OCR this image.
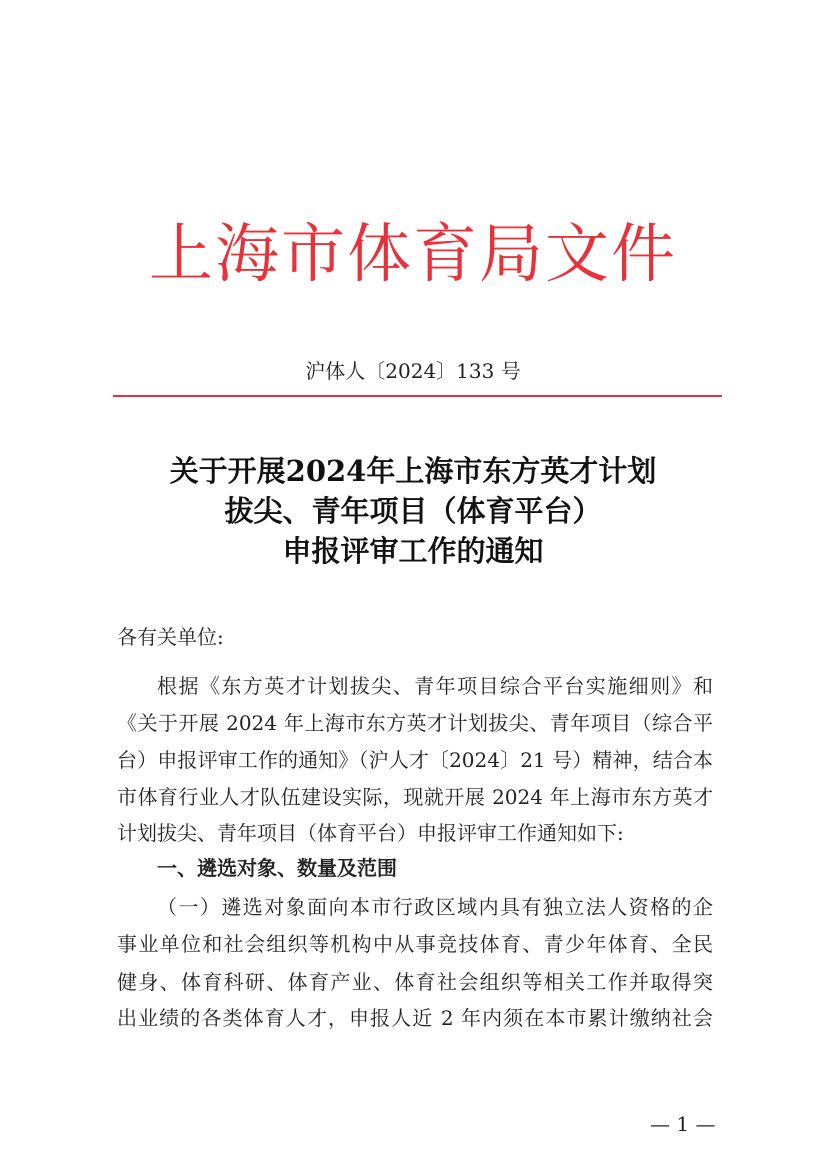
上海市体育局文件
沪体人〔2024〕133 号
关于开展2024年上海市东方英才计划
拔尖、青年项目（体育平台）
申报评审工作的通知
各有关单位:
根据《东方英才计划拔尖、青年项目综合平台实施细则》和
《关于开展 2024 年上海市东方英才计划拔尖、青年项目（综合平
台）申报评审工作的通知》（沪人才〔2024〕21 号）精神，结合本
市体育行业人才队伍建设实际，现就开展 2024 年上海市东方英才
计划拔尖、青年项目（体育平台）申报评审工作通知如下:
一、遴选对象、数量及范围
（一）遴选对象面向本市行政区域内具有独立法人资格的企
事业单位和社会组织等机构中从事竞技体育、青少年体育、全民
健身、体育科研、体育产业、体育社会组织等相关工作并取得突
出业绩的各类体育人才，申报人近 2 年内须在本市累计缴纳社会
— 1 —
